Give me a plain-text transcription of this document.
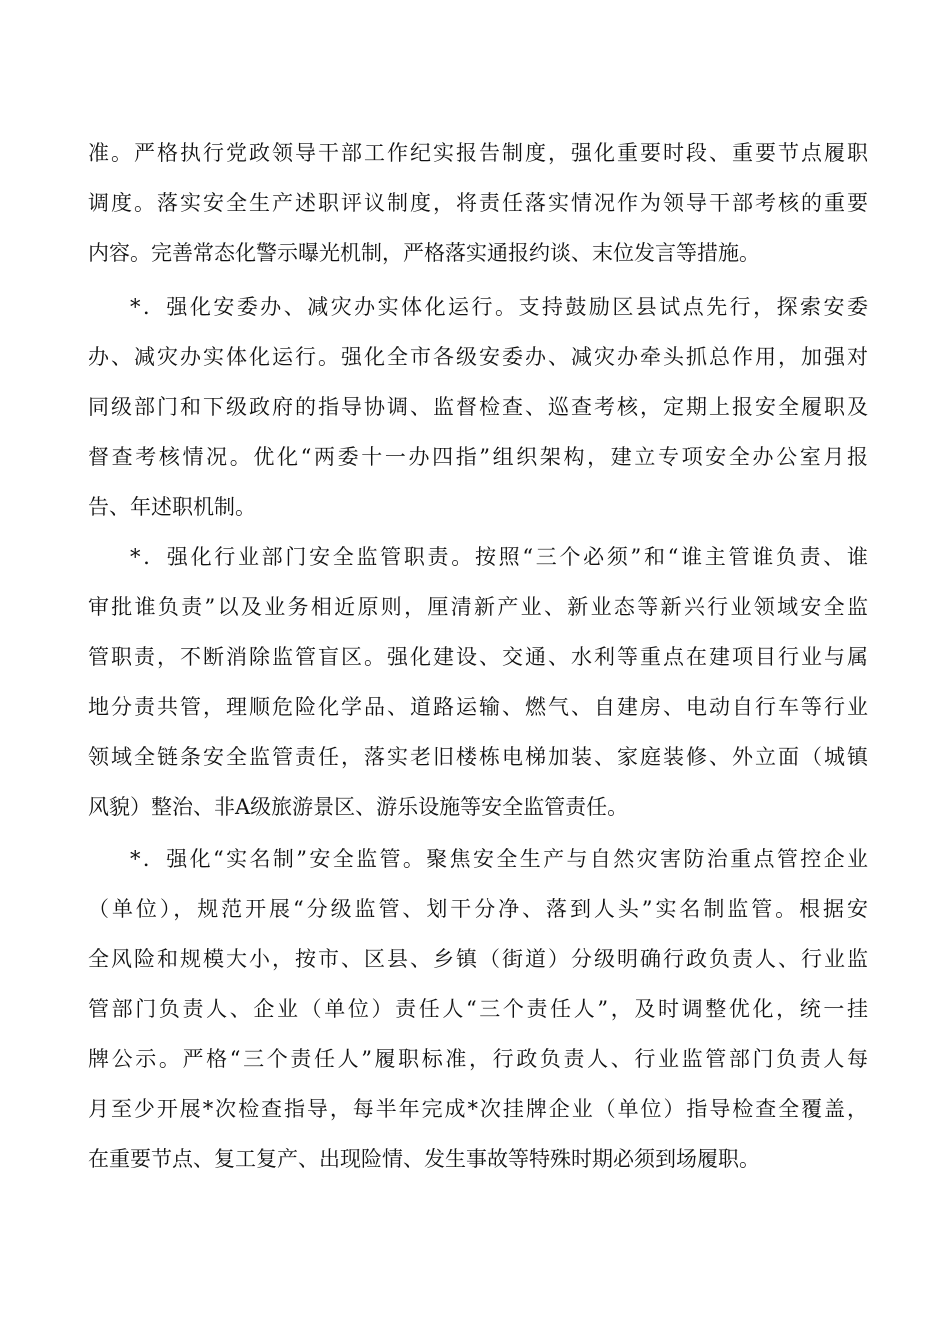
准。严格执行党政领导干部工作纪实报告制度，强化重要时段、重要节点履职
调度。落实安全生产述职评议制度，将责任落实情况作为领导干部考核的重要
内容。完善常态化警示曝光机制，严格落实通报约谈、末位发言等措施。
*．强化安委办、减灾办实体化运行。支持鼓励区县试点先行，探索安委
办、减灾办实体化运行。强化全市各级安委办、减灾办牵头抓总作用，加强对
同级部门和下级政府的指导协调、监督检查、巡查考核，定期上报安全履职及
督查考核情况。优化“两委十一办四指”组织架构，建立专项安全办公室月报
告、年述职机制。
*．强化行业部门安全监管职责。按照“三个必须”和“谁主管谁负责、谁
审批谁负责”以及业务相近原则，厘清新产业、新业态等新兴行业领域安全监
管职责，不断消除监管盲区。强化建设、交通、水利等重点在建项目行业与属
地分责共管，理顺危险化学品、道路运输、燃气、自建房、电动自行车等行业
领域全链条安全监管责任，落实老旧楼栋电梯加装、家庭装修、外立面（城镇
风貌）整治、非A级旅游景区、游乐设施等安全监管责任。
*．强化“实名制”安全监管。聚焦安全生产与自然灾害防治重点管控企业
（单位），规范开展“分级监管、划干分净、落到人头”实名制监管。根据安
全风险和规模大小，按市、区县、乡镇（街道）分级明确行政负责人、行业监
管部门负责人、企业（单位）责任人“三个责任人”，及时调整优化，统一挂
牌公示。严格“三个责任人”履职标准，行政负责人、行业监管部门负责人每
月至少开展*次检查指导，每半年完成*次挂牌企业（单位）指导检查全覆盖，
在重要节点、复工复产、出现险情、发生事故等特殊时期必须到场履职。
